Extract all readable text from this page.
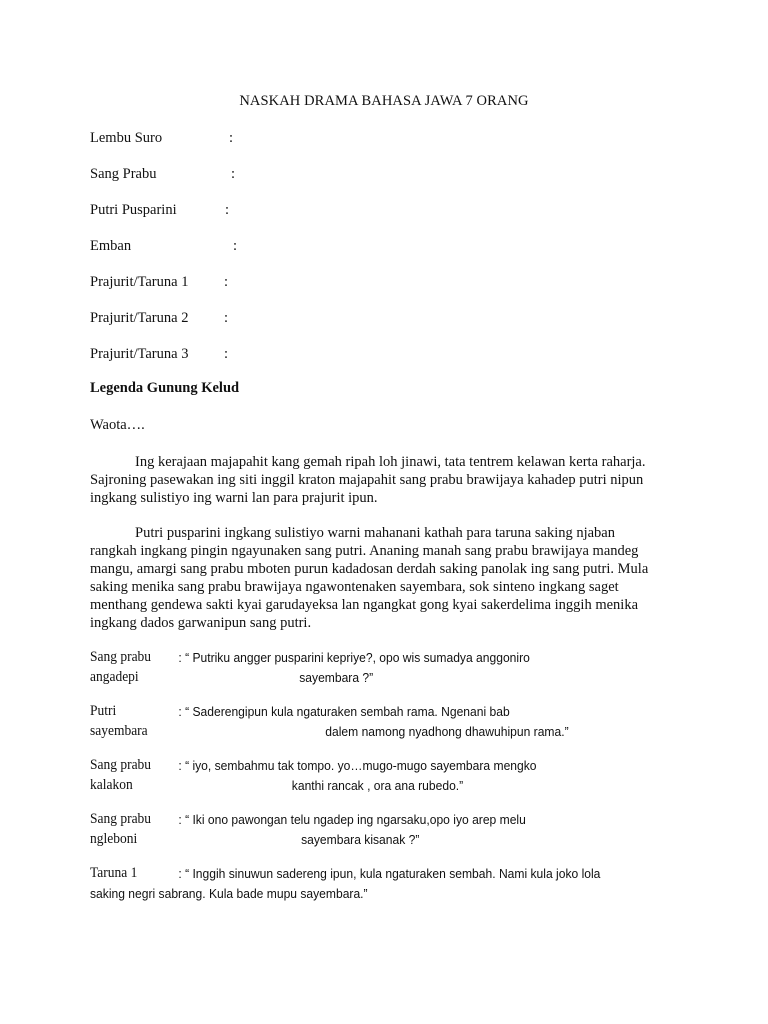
NASKAH DRAMA BAHASA JAWA 7 ORANG
Lembu Suro	:
Sang Prabu	:
Putri Pusparini	:
Emban	:
Prajurit/Taruna 1 :
Prajurit/Taruna 2 :
Prajurit/Taruna 3 :
Legenda Gunung Kelud
Waota….
Ing kerajaan majapahit kang gemah ripah loh jinawi, tata tentrem kelawan kerta raharja.
Sajroning pasewakan ing siti inggil kraton majapahit sang prabu brawijaya kahadep putri nipun
ingkang sulistiyo ing warni lan para prajurit ipun.
Putri pusparini ingkang sulistiyo warni mahanani kathah para taruna saking njaban
rangkah ingkang pingin ngayunaken sang putri. Ananing manah sang prabu brawijaya mandeg
mangu, amargi sang prabu mboten purun kadadosan derdah saking panolak ing sang putri. Mula
saking menika sang prabu brawijaya ngawontenaken sayembara, sok sinteno ingkang saget
menthang gendewa sakti kyai garudayeksa lan ngangkat gong kyai sakerdelima inggih menika
ingkang dados garwanipun sang putri.
Sang prabu
angadepi
: “ Putriku angger pusparini kepriye?, opo wis sumadya anggoniro
sayembara ?”
Putri
sayembara
: “ Saderengipun kula ngaturaken sembah rama. Ngenani bab
dalem namong nyadhong dhawuhipun rama.”
Sang prabu
kalakon
: “ iyo, sembahmu tak tompo. yo…mugo-mugo sayembara mengko
kanthi rancak , ora ana rubedo.”
Sang prabu
ngleboni
: “ Iki ono pawongan telu ngadep ing ngarsaku,opo iyo arep melu
sayembara kisanak ?”
Taruna 1	: “ Inggih sinuwun sadereng ipun, kula ngaturaken sembah. Nami kula joko lola
saking negri sabrang. Kula bade mupu sayembara.”
